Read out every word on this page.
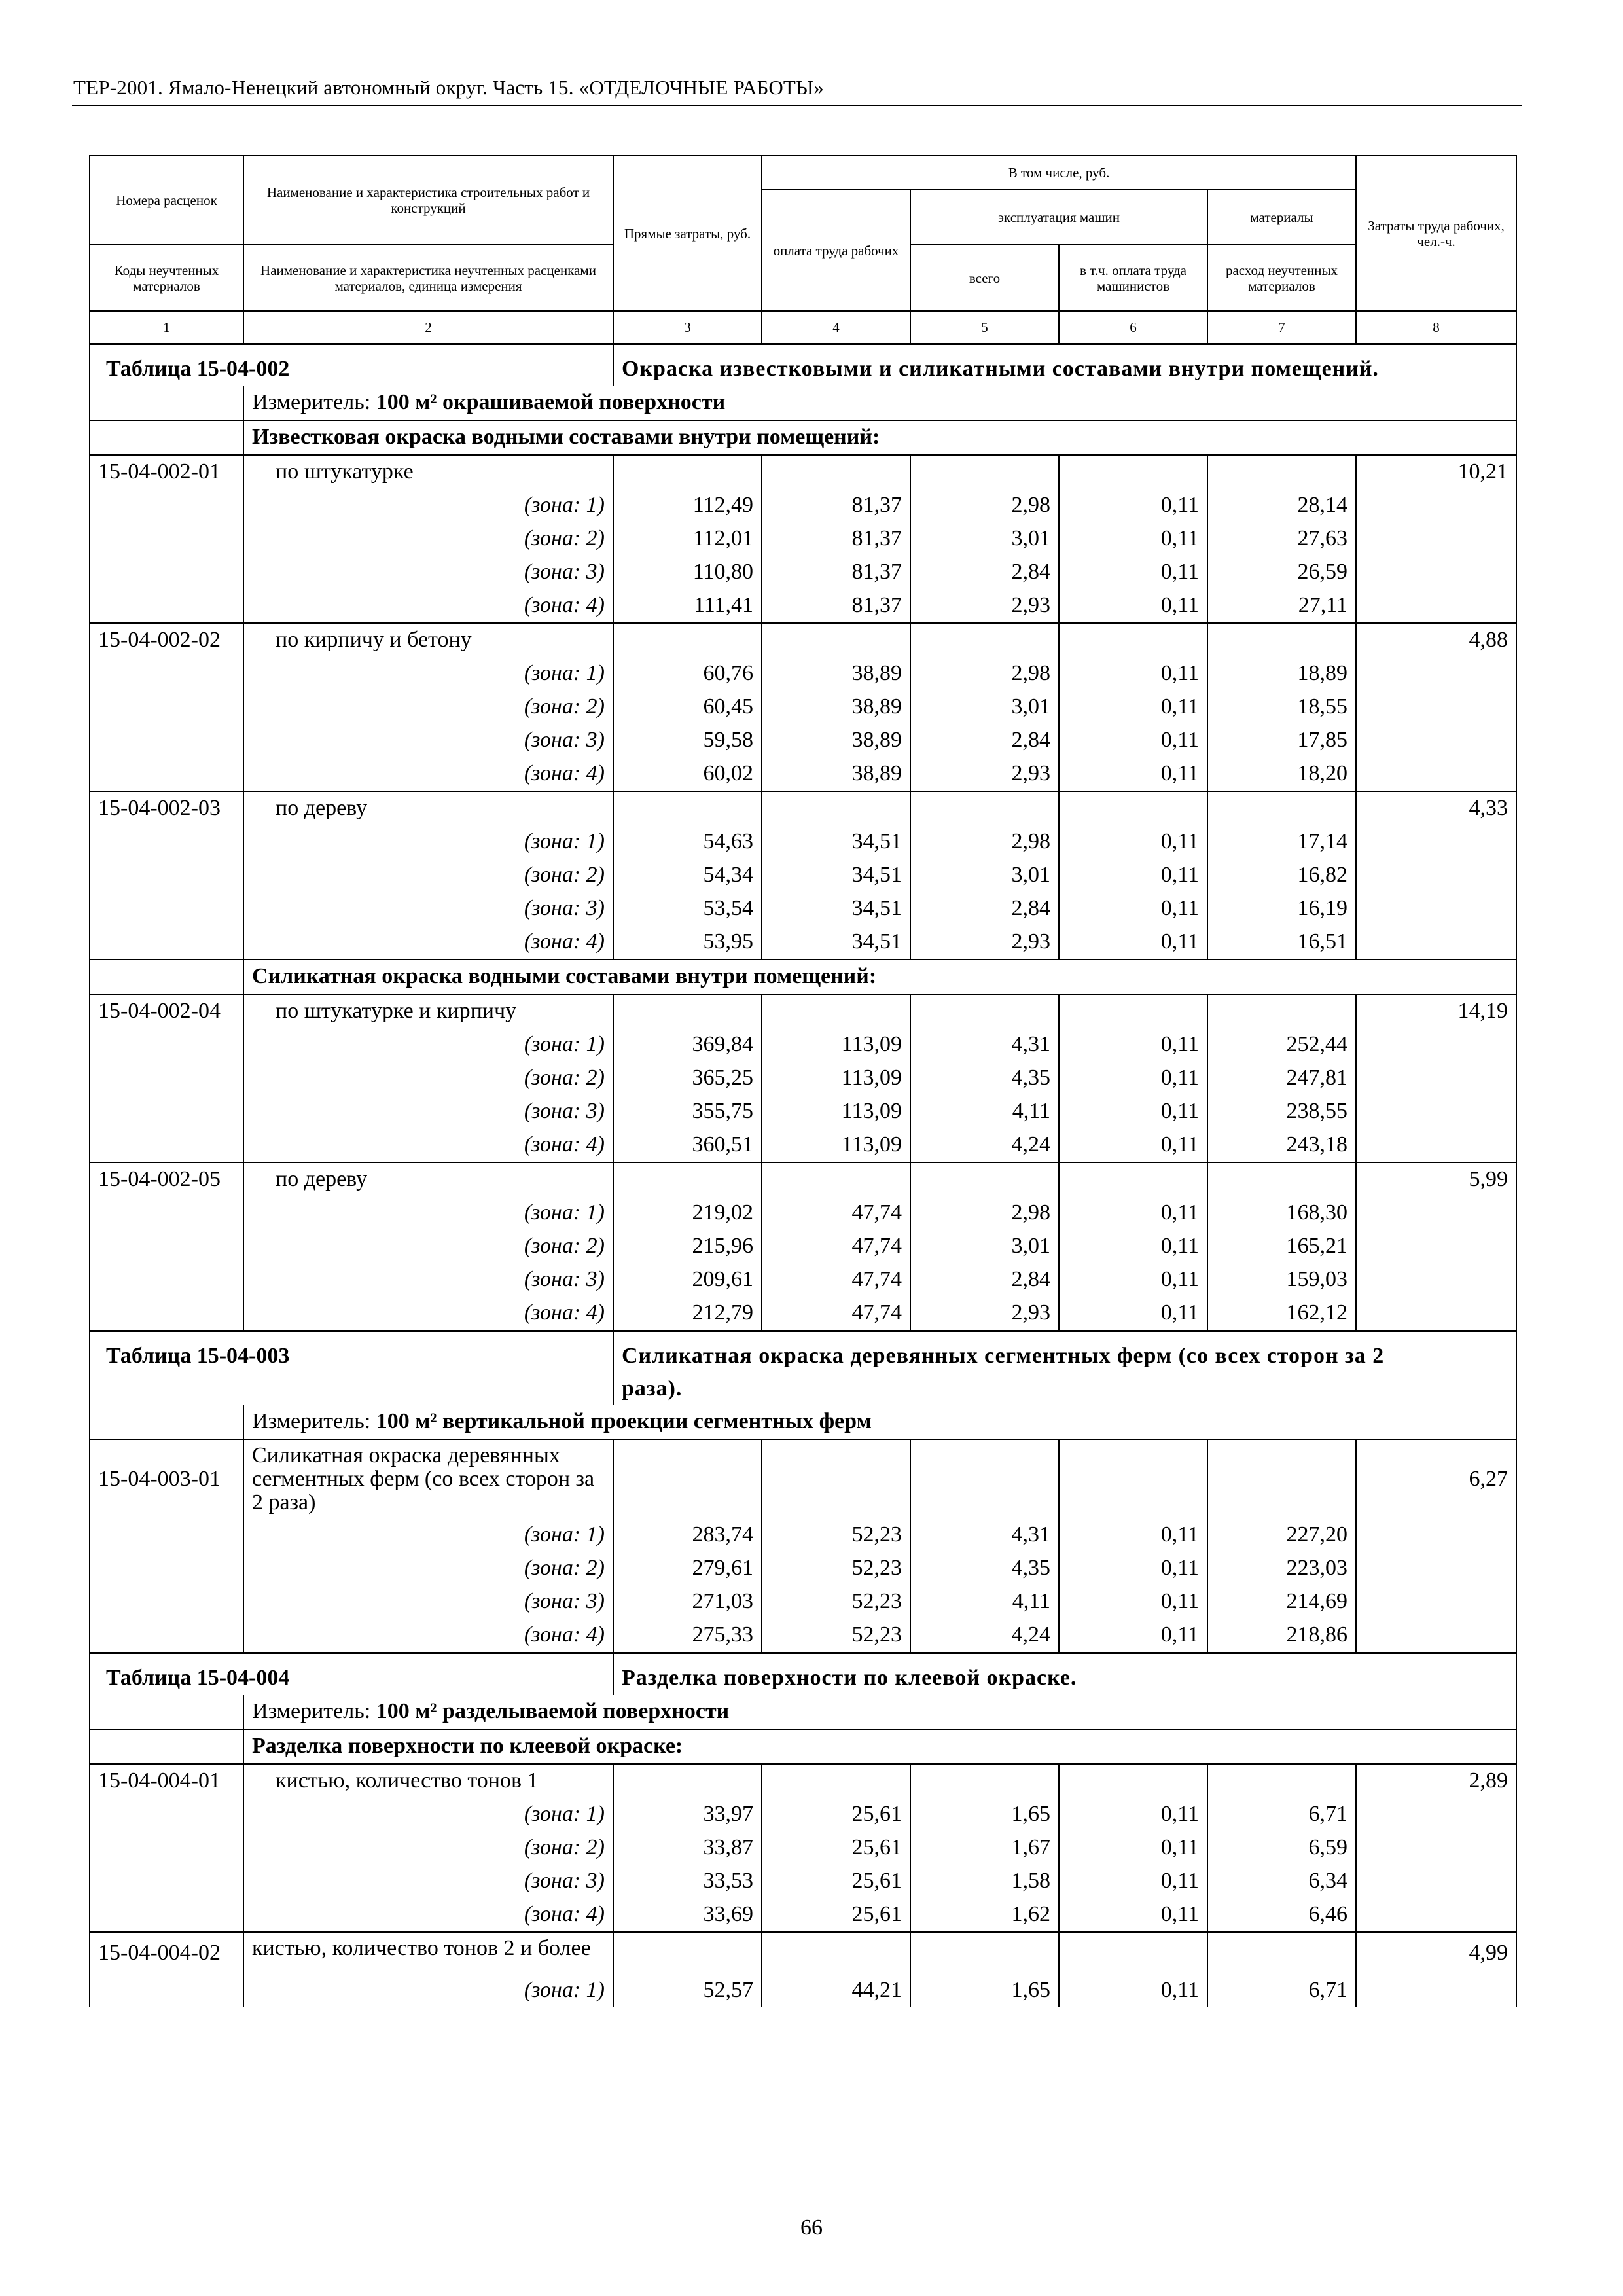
ТЕР-2001. Ямало-Ненецкий автономный округ. Часть 15. «ОТДЕЛОЧНЫЕ РАБОТЫ»
Номера расценок	Наименование и характеристика строительных работ и конструкций	Прямые затраты, руб.	В том числе, руб.				Затраты труда рабочих, чел.-ч.
			оплата труда рабочих	эксплуатация машин		материалы	

Коды неучтенных материалов	Наименование и характеристика неучтенных расценками материалов, единица измерения			всего	в т.ч. оплата труда машинистов	расход неучтенных материалов	

1	2	3	4	5	6	7	8
Таблица 15-04-002		Окраска известковыми и силикатными составами внутри помещений.					
	Измеритель: 100 м² окрашиваемой поверхности						
	Известковая окраска водными составами внутри помещений:						
15-04-002-01	по штукатурке						10,21
	(зона: 1)	112,49	81,37	2,98	0,11	28,14	
	(зона: 2)	112,01	81,37	3,01	0,11	27,63	
	(зона: 3)	110,80	81,37	2,84	0,11	26,59	
	(зона: 4)	111,41	81,37	2,93	0,11	27,11	
15-04-002-02	по кирпичу и бетону						4,88
	(зона: 1)	60,76	38,89	2,98	0,11	18,89	
	(зона: 2)	60,45	38,89	3,01	0,11	18,55	
	(зона: 3)	59,58	38,89	2,84	0,11	17,85	
	(зона: 4)	60,02	38,89	2,93	0,11	18,20	
15-04-002-03	по дереву						4,33
	(зона: 1)	54,63	34,51	2,98	0,11	17,14	
	(зона: 2)	54,34	34,51	3,01	0,11	16,82	
	(зона: 3)	53,54	34,51	2,84	0,11	16,19	
	(зона: 4)	53,95	34,51	2,93	0,11	16,51	
	Силикатная окраска водными составами внутри помещений:						
15-04-002-04	по штукатурке и кирпичу						14,19
	(зона: 1)	369,84	113,09	4,31	0,11	252,44	
	(зона: 2)	365,25	113,09	4,35	0,11	247,81	
	(зона: 3)	355,75	113,09	4,11	0,11	238,55	
	(зона: 4)	360,51	113,09	4,24	0,11	243,18	
15-04-002-05	по дереву						5,99
	(зона: 1)	219,02	47,74	2,98	0,11	168,30	
	(зона: 2)	215,96	47,74	3,01	0,11	165,21	
	(зона: 3)	209,61	47,74	2,84	0,11	159,03	
	(зона: 4)	212,79	47,74	2,93	0,11	162,12	
Таблица 15-04-003		Силикатная окраска деревянных сегментных ферм (со всех сторон за 2 раза).					
	Измеритель: 100 м² вертикальной проекции сегментных ферм						
15-04-003-01	Силикатная окраска деревянных сегментных ферм (со всех сторон за 2 раза)						6,27
	(зона: 1)	283,74	52,23	4,31	0,11	227,20	
	(зона: 2)	279,61	52,23	4,35	0,11	223,03	
	(зона: 3)	271,03	52,23	4,11	0,11	214,69	
	(зона: 4)	275,33	52,23	4,24	0,11	218,86	
Таблица 15-04-004		Разделка поверхности по клеевой окраске.					
	Измеритель: 100 м² разделываемой поверхности						
	Разделка поверхности по клеевой окраске:						
15-04-004-01	кистью, количество тонов 1						2,89
	(зона: 1)	33,97	25,61	1,65	0,11	6,71	
	(зона: 2)	33,87	25,61	1,67	0,11	6,59	
	(зона: 3)	33,53	25,61	1,58	0,11	6,34	
	(зона: 4)	33,69	25,61	1,62	0,11	6,46	
15-04-004-02	кистью, количество тонов 2 и более						4,99
	(зона: 1)	52,57	44,21	1,65	0,11	6,71	
66
